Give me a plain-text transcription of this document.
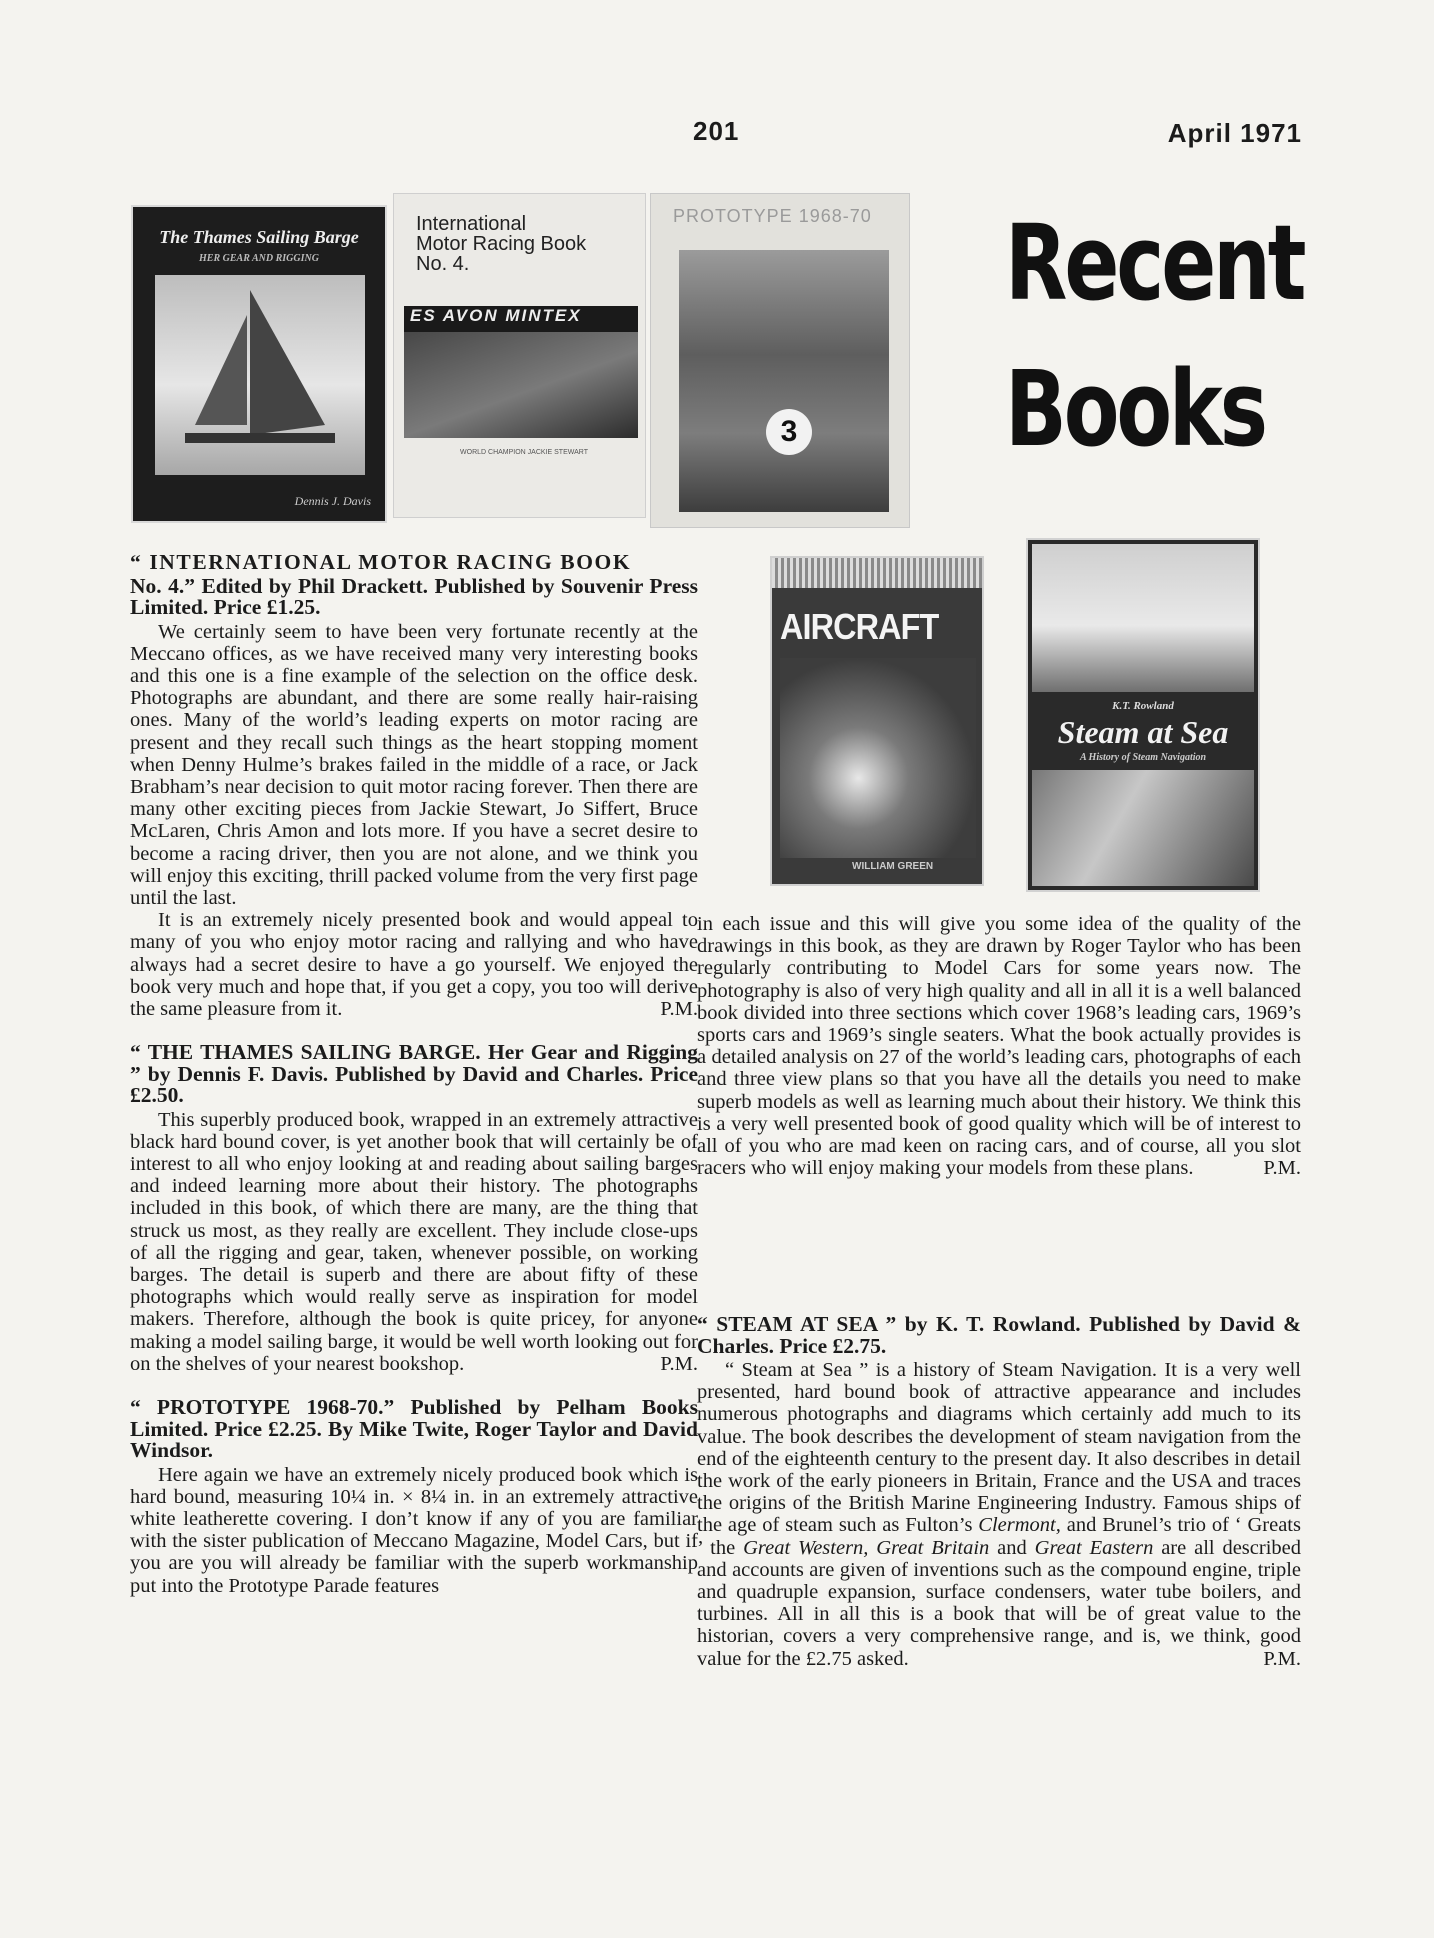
201	April 1971
Recent
Books
The Thames Sailing Barge
HER GEAR AND RIGGING
Dennis J. Davis
International
Motor Racing Book
No. 4.
ES AVON MINTEX
WORLD CHAMPION JACKIE STEWART
PROTOTYPE 1968-70
3
AIRCRAFT
WILLIAM GREEN
K.T. Rowland
Steam at Sea
A History of Steam Navigation
“ INTERNATIONAL MOTOR RACING BOOK
No. 4.” Edited by Phil Drackett. Published by Souvenir Press Limited. Price £1.25.

We certainly seem to have been very fortunate recently at the Meccano offices, as we have received many very interesting books and this one is a fine example of the selection on the office desk. Photographs are abundant, and there are some really hair-raising ones. Many of the world’s leading experts on motor racing are present and they recall such things as the heart stopping moment when Denny Hulme’s brakes failed in the middle of a race, or Jack Brabham’s near decision to quit motor racing forever. Then there are many other exciting pieces from Jackie Stewart, Jo Siffert, Bruce McLaren, Chris Amon and lots more. If you have a secret desire to become a racing driver, then you are not alone, and we think you will enjoy this exciting, thrill packed volume from the very first page until the last.

It is an extremely nicely presented book and would appeal to many of you who enjoy motor racing and rallying and who have always had a secret desire to have a go yourself. We enjoyed the book very much and hope that, if you get a copy, you too will derive the same pleasure from it.	P.M.

“ THE THAMES SAILING BARGE. Her Gear and Rigging ” by Dennis F. Davis. Published by David and Charles. Price £2.50.

This superbly produced book, wrapped in an extremely attractive black hard bound cover, is yet another book that will certainly be of interest to all who enjoy looking at and reading about sailing barges and indeed learning more about their history. The photographs included in this book, of which there are many, are the thing that struck us most, as they really are excellent. They include close-ups of all the rigging and gear, taken, whenever possible, on working barges. The detail is superb and there are about fifty of these photographs which would really serve as inspiration for model makers. Therefore, although the book is quite pricey, for anyone making a model sailing barge, it would be well worth looking out for on the shelves of your nearest bookshop.	P.M.

“ PROTOTYPE 1968-70.” Published by Pelham Books Limited. Price £2.25. By Mike Twite, Roger Taylor and David Windsor.

Here again we have an extremely nicely produced book which is hard bound, measuring 10¼ in. × 8¼ in. in an extremely attractive white leatherette covering. I don’t know if any of you are familiar with the sister publication of Meccano Magazine, Model Cars, but if you are you will already be familiar with the superb workmanship put into the Prototype Parade features

in each issue and this will give you some idea of the quality of the drawings in this book, as they are drawn by Roger Taylor who has been regularly contributing to Model Cars for some years now. The photography is also of very high quality and all in all it is a well balanced book divided into three sections which cover 1968’s leading cars, 1969’s sports cars and 1969’s single seaters. What the book actually provides is a detailed analysis on 27 of the world’s leading cars, photographs of each and three view plans so that you have all the details you need to make superb models as well as learning much about their history. We think this is a very well presented book of good quality which will be of interest to all of you who are mad keen on racing cars, and of course, all you slot racers who will enjoy making your models from these plans.	P.M.

“ STEAM AT SEA ” by K. T. Rowland. Published by David & Charles. Price £2.75.

“ Steam at Sea ” is a history of Steam Navigation. It is a very well presented, hard bound book of attractive appearance and includes numerous photographs and diagrams which certainly add much to its value. The book describes the development of steam navigation from the end of the eighteenth century to the present day. It also describes in detail the work of the early pioneers in Britain, France and the USA and traces the origins of the British Marine Engineering Industry. Famous ships of the age of steam such as Fulton’s Clermont, and Brunel’s trio of ‘ Greats ’ the Great Western, Great Britain and Great Eastern are all described and accounts are given of inventions such as the compound engine, triple and quadruple expansion, surface condensers, water tube boilers, and turbines. All in all this is a book that will be of great value to the historian, covers a very comprehensive range, and is, we think, good value for the £2.75 asked.	P.M.
